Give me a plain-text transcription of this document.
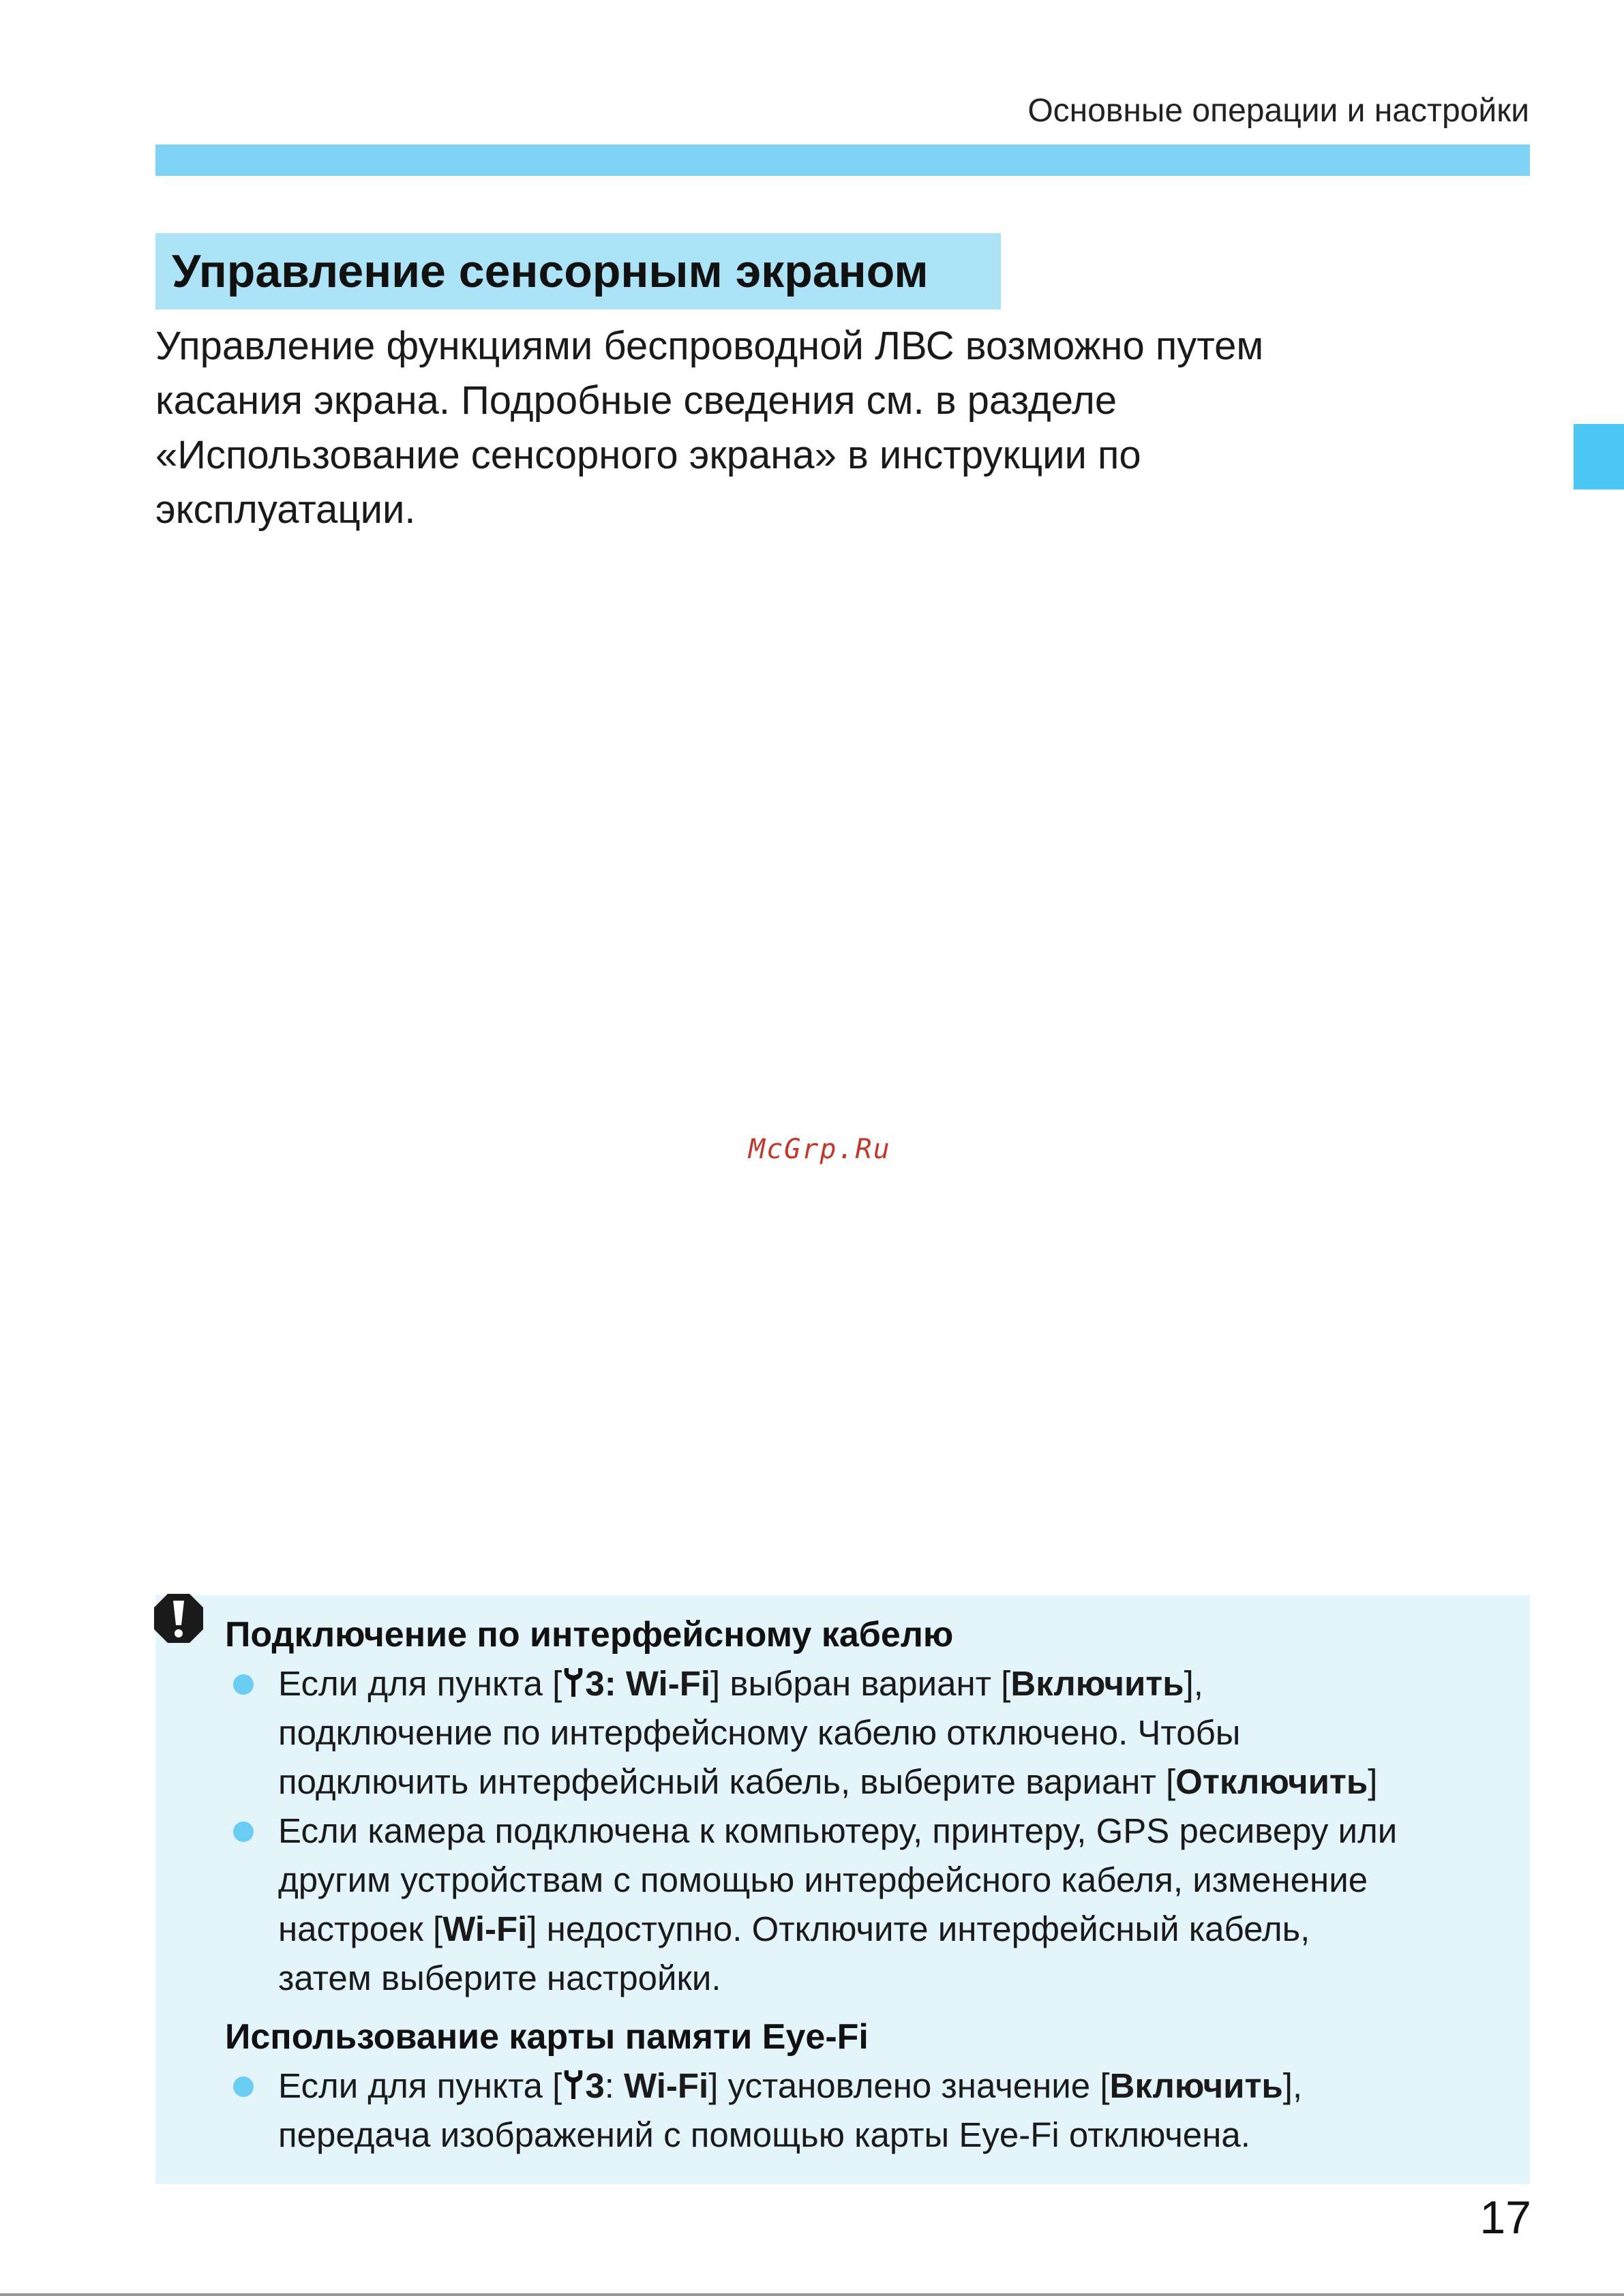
Основные операции и настройки
Управление сенсорным экраном

Управление функциями беспроводной ЛВС возможно путем

касания экрана. Подробные сведения см. в разделе

«Использование сенсорного экрана» в инструкции по

эксплуатации.

McGrp.Ru

Подключение по интерфейсному кабелю

Если для пункта [ 3: Wi-Fi] выбран вариант [Включить],

подключение по интерфейсному кабелю отключено. Чтобы

подключить интерфейсный кабель, выберите вариант [Отключить]

Если камера подключена к компьютеру, принтеру, GPS ресиверу или

другим устройствам с помощью интерфейсного кабеля, изменение

настроек [Wi-Fi] недоступно. Отключите интерфейсный кабель,

затем выберите настройки.

Использование карты памяти Eye-Fi

Если для пункта [ 3: Wi-Fi] установлено значение [Включить],

передача изображений с помощью карты Eye-Fi отключена.

17
